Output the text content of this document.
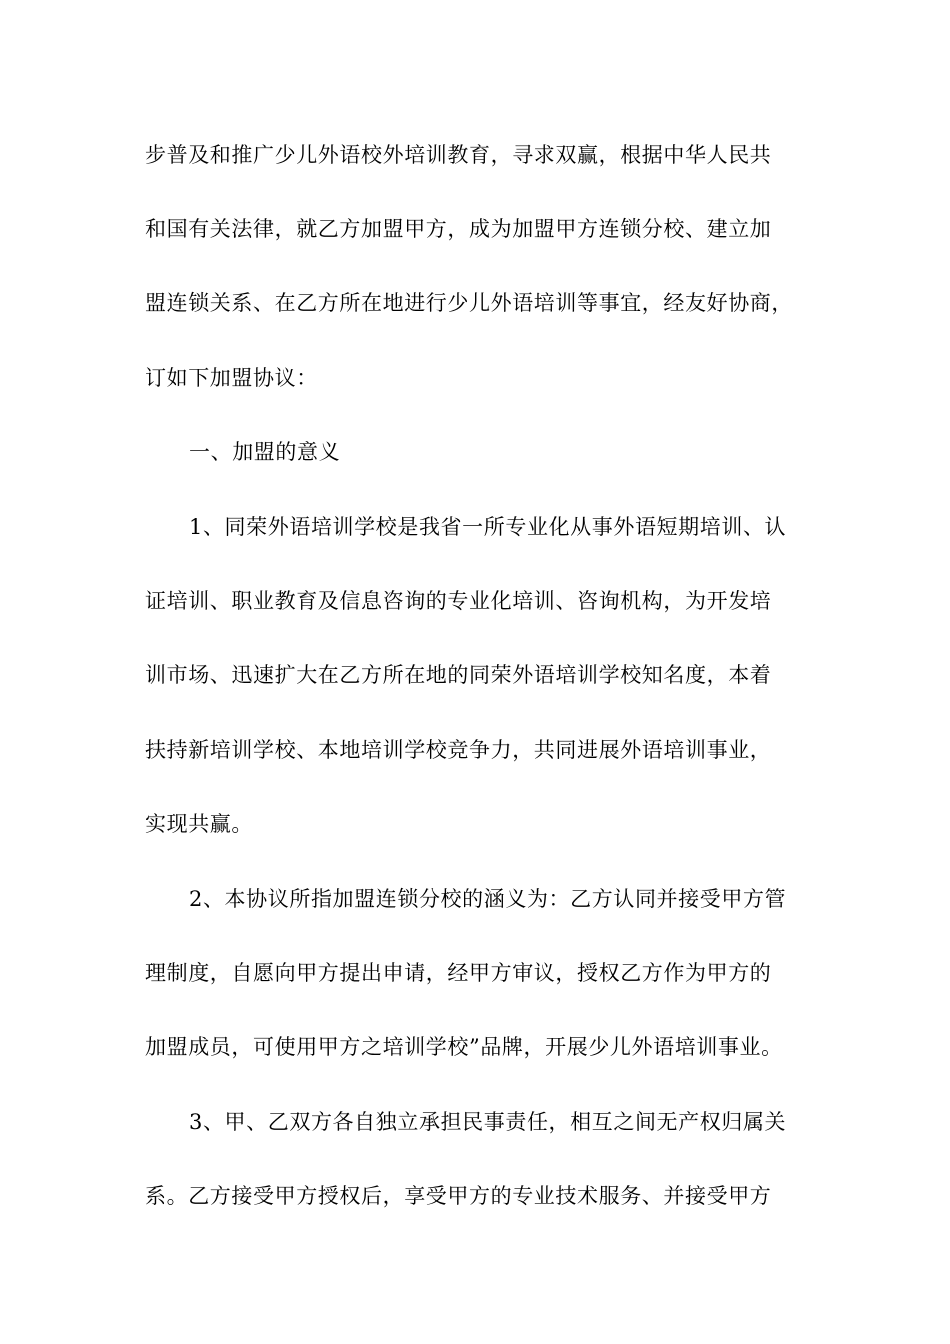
步普及和推广少儿外语校外培训教育，寻求双赢，根据中华人民共
和国有关法律，就乙方加盟甲方，成为加盟甲方连锁分校、建立加
盟连锁关系、在乙方所在地进行少儿外语培训等事宜，经友好协商，
订如下加盟协议：
一、加盟的意义
1、同荣外语培训学校是我省一所专业化从事外语短期培训、认
证培训、职业教育及信息咨询的专业化培训、咨询机构，为开发培
训市场、迅速扩大在乙方所在地的同荣外语培训学校知名度，本着
扶持新培训学校、本地培训学校竞争力，共同进展外语培训事业，
实现共赢。
2、本协议所指加盟连锁分校的涵义为：乙方认同并接受甲方管
理制度，自愿向甲方提出申请，经甲方审议，授权乙方作为甲方的
加盟成员，可使用甲方之培训学校”品牌，开展少儿外语培训事业。
3、甲、乙双方各自独立承担民事责任，相互之间无产权归属关
系。乙方接受甲方授权后，享受甲方的专业技术服务、并接受甲方
